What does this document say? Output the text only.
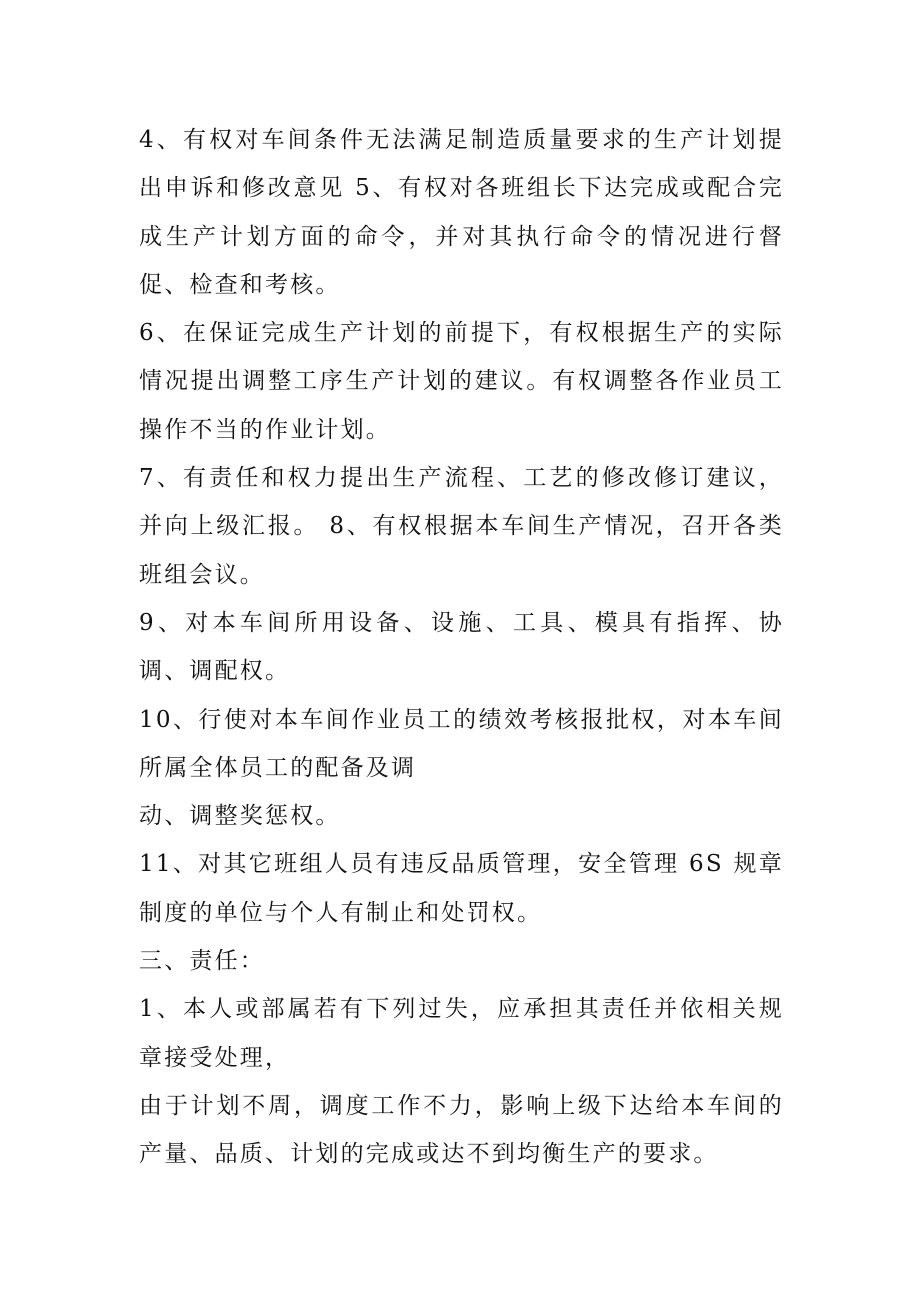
4、有权对车间条件无法满足制造质量要求的生产计划提出申诉和修改意见 5、有权对各班组长下达完成或配合完成生产计划方面的命令，并对其执行命令的情况进行督促、检查和考核。

6、在保证完成生产计划的前提下，有权根据生产的实际情况提出调整工序生产计划的建议。有权调整各作业员工操作不当的作业计划。

7、有责任和权力提出生产流程、工艺的修改修订建议，并向上级汇报。 8、有权根据本车间生产情况，召开各类班组会议。

9、对本车间所用设备、设施、工具、模具有指挥、协调、调配权。

10、行使对本车间作业员工的绩效考核报批权，对本车间所属全体员工的配备及调

动、调整奖惩权。

11、对其它班组人员有违反品质管理，安全管理 6S 规章制度的单位与个人有制止和处罚权。

三、责任：

1、本人或部属若有下列过失，应承担其责任并依相关规章接受处理，

由于计划不周，调度工作不力，影响上级下达给本车间的产量、品质、计划的完成或达不到均衡生产的要求。
